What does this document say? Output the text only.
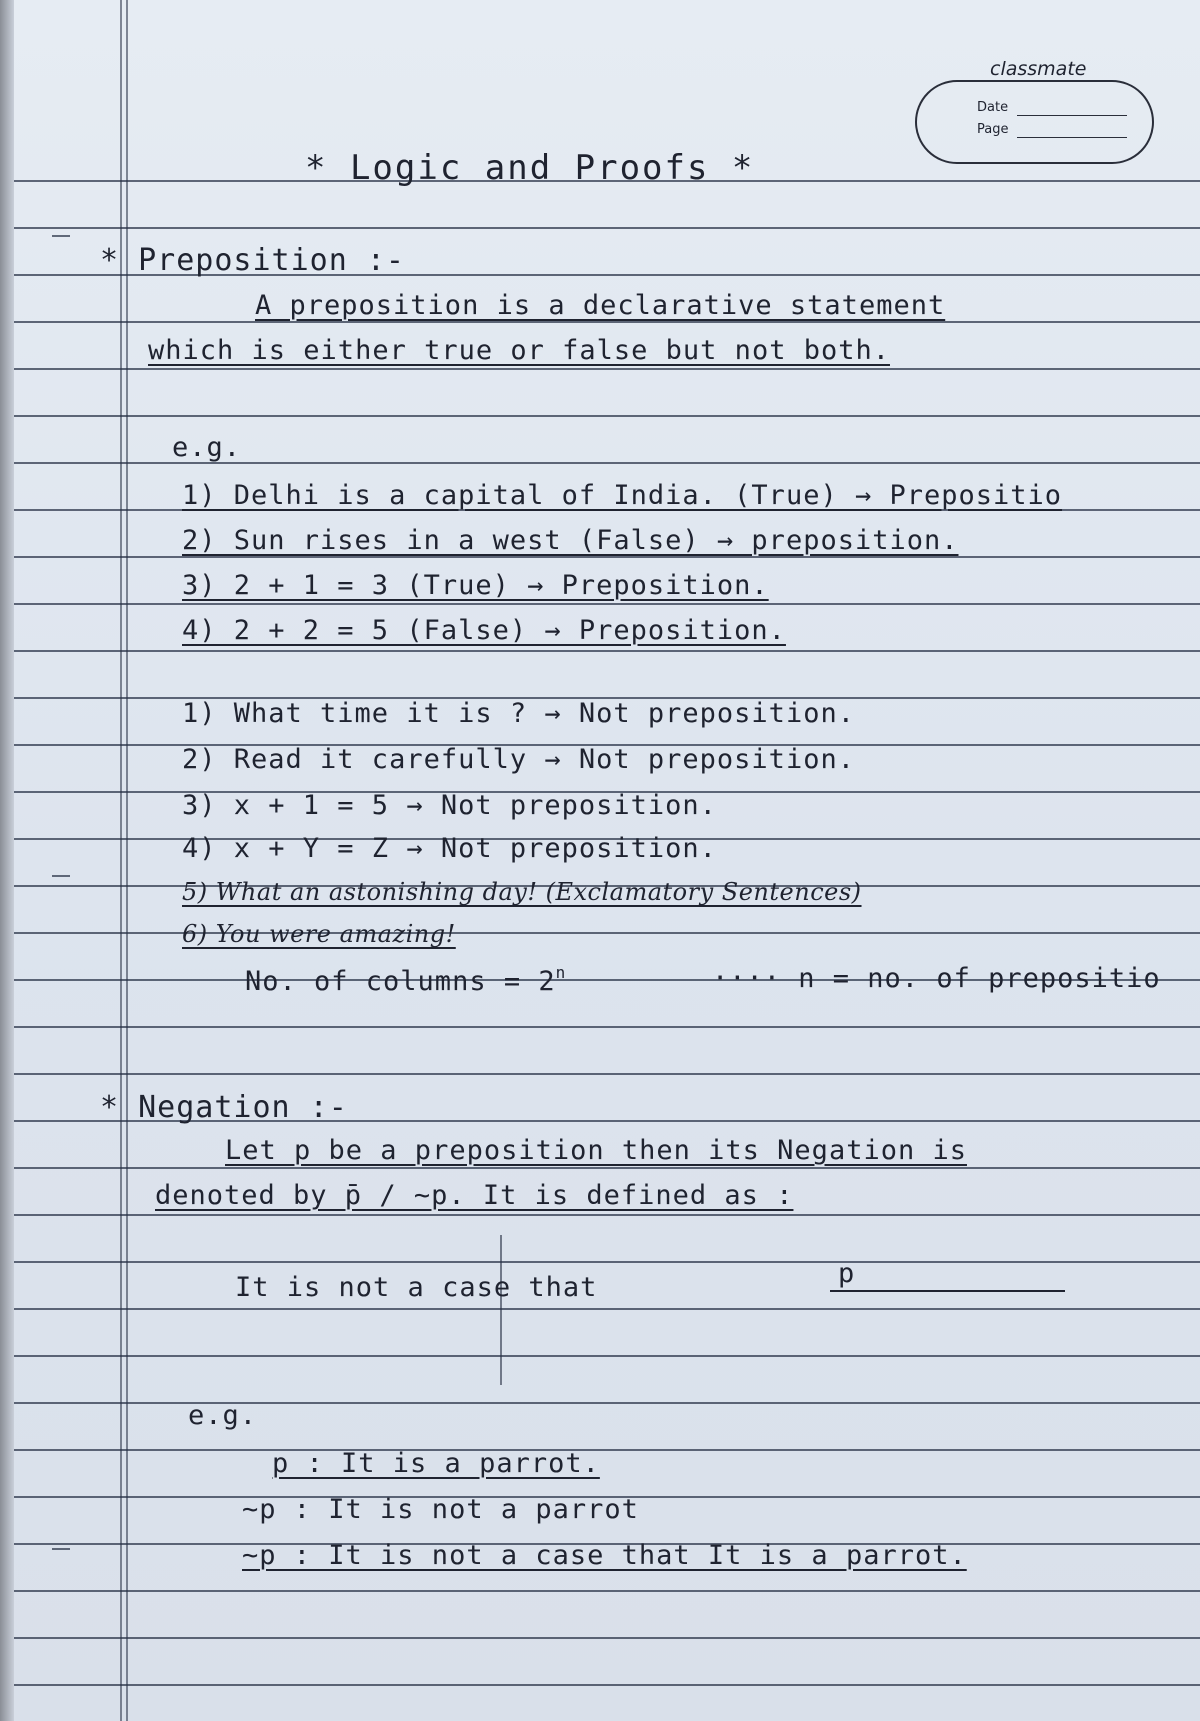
classmate
Date
Page
* Logic and Proofs *
* Preposition :-
A preposition is a declarative statement
which is either true or false but not both.
e.g.
1) Delhi is a capital of India. (True) → Prepositio
2) Sun rises in a west (False) → preposition.
3) 2 + 1 = 3 (True) → Preposition.
4) 2 + 2 = 5 (False) → Preposition.
1) What time it is ? → Not preposition.
2) Read it carefully → Not preposition.
3) x + 1 = 5 → Not preposition.
4) x + Y = Z → Not preposition.
5) What an astonishing day! (Exclamatory Sentences)
6) You were amazing!
No. of columns = $2^n$	···· n = no. of prepositio
* Negation :-
Let p be a preposition then its Negation is
denoted by p̄ / ~p. It is defined as :
It is not a case that	p
e.g.
p : It is a parrot.
~p : It is not a parrot
~p : It is not a case that It is a parrot.
